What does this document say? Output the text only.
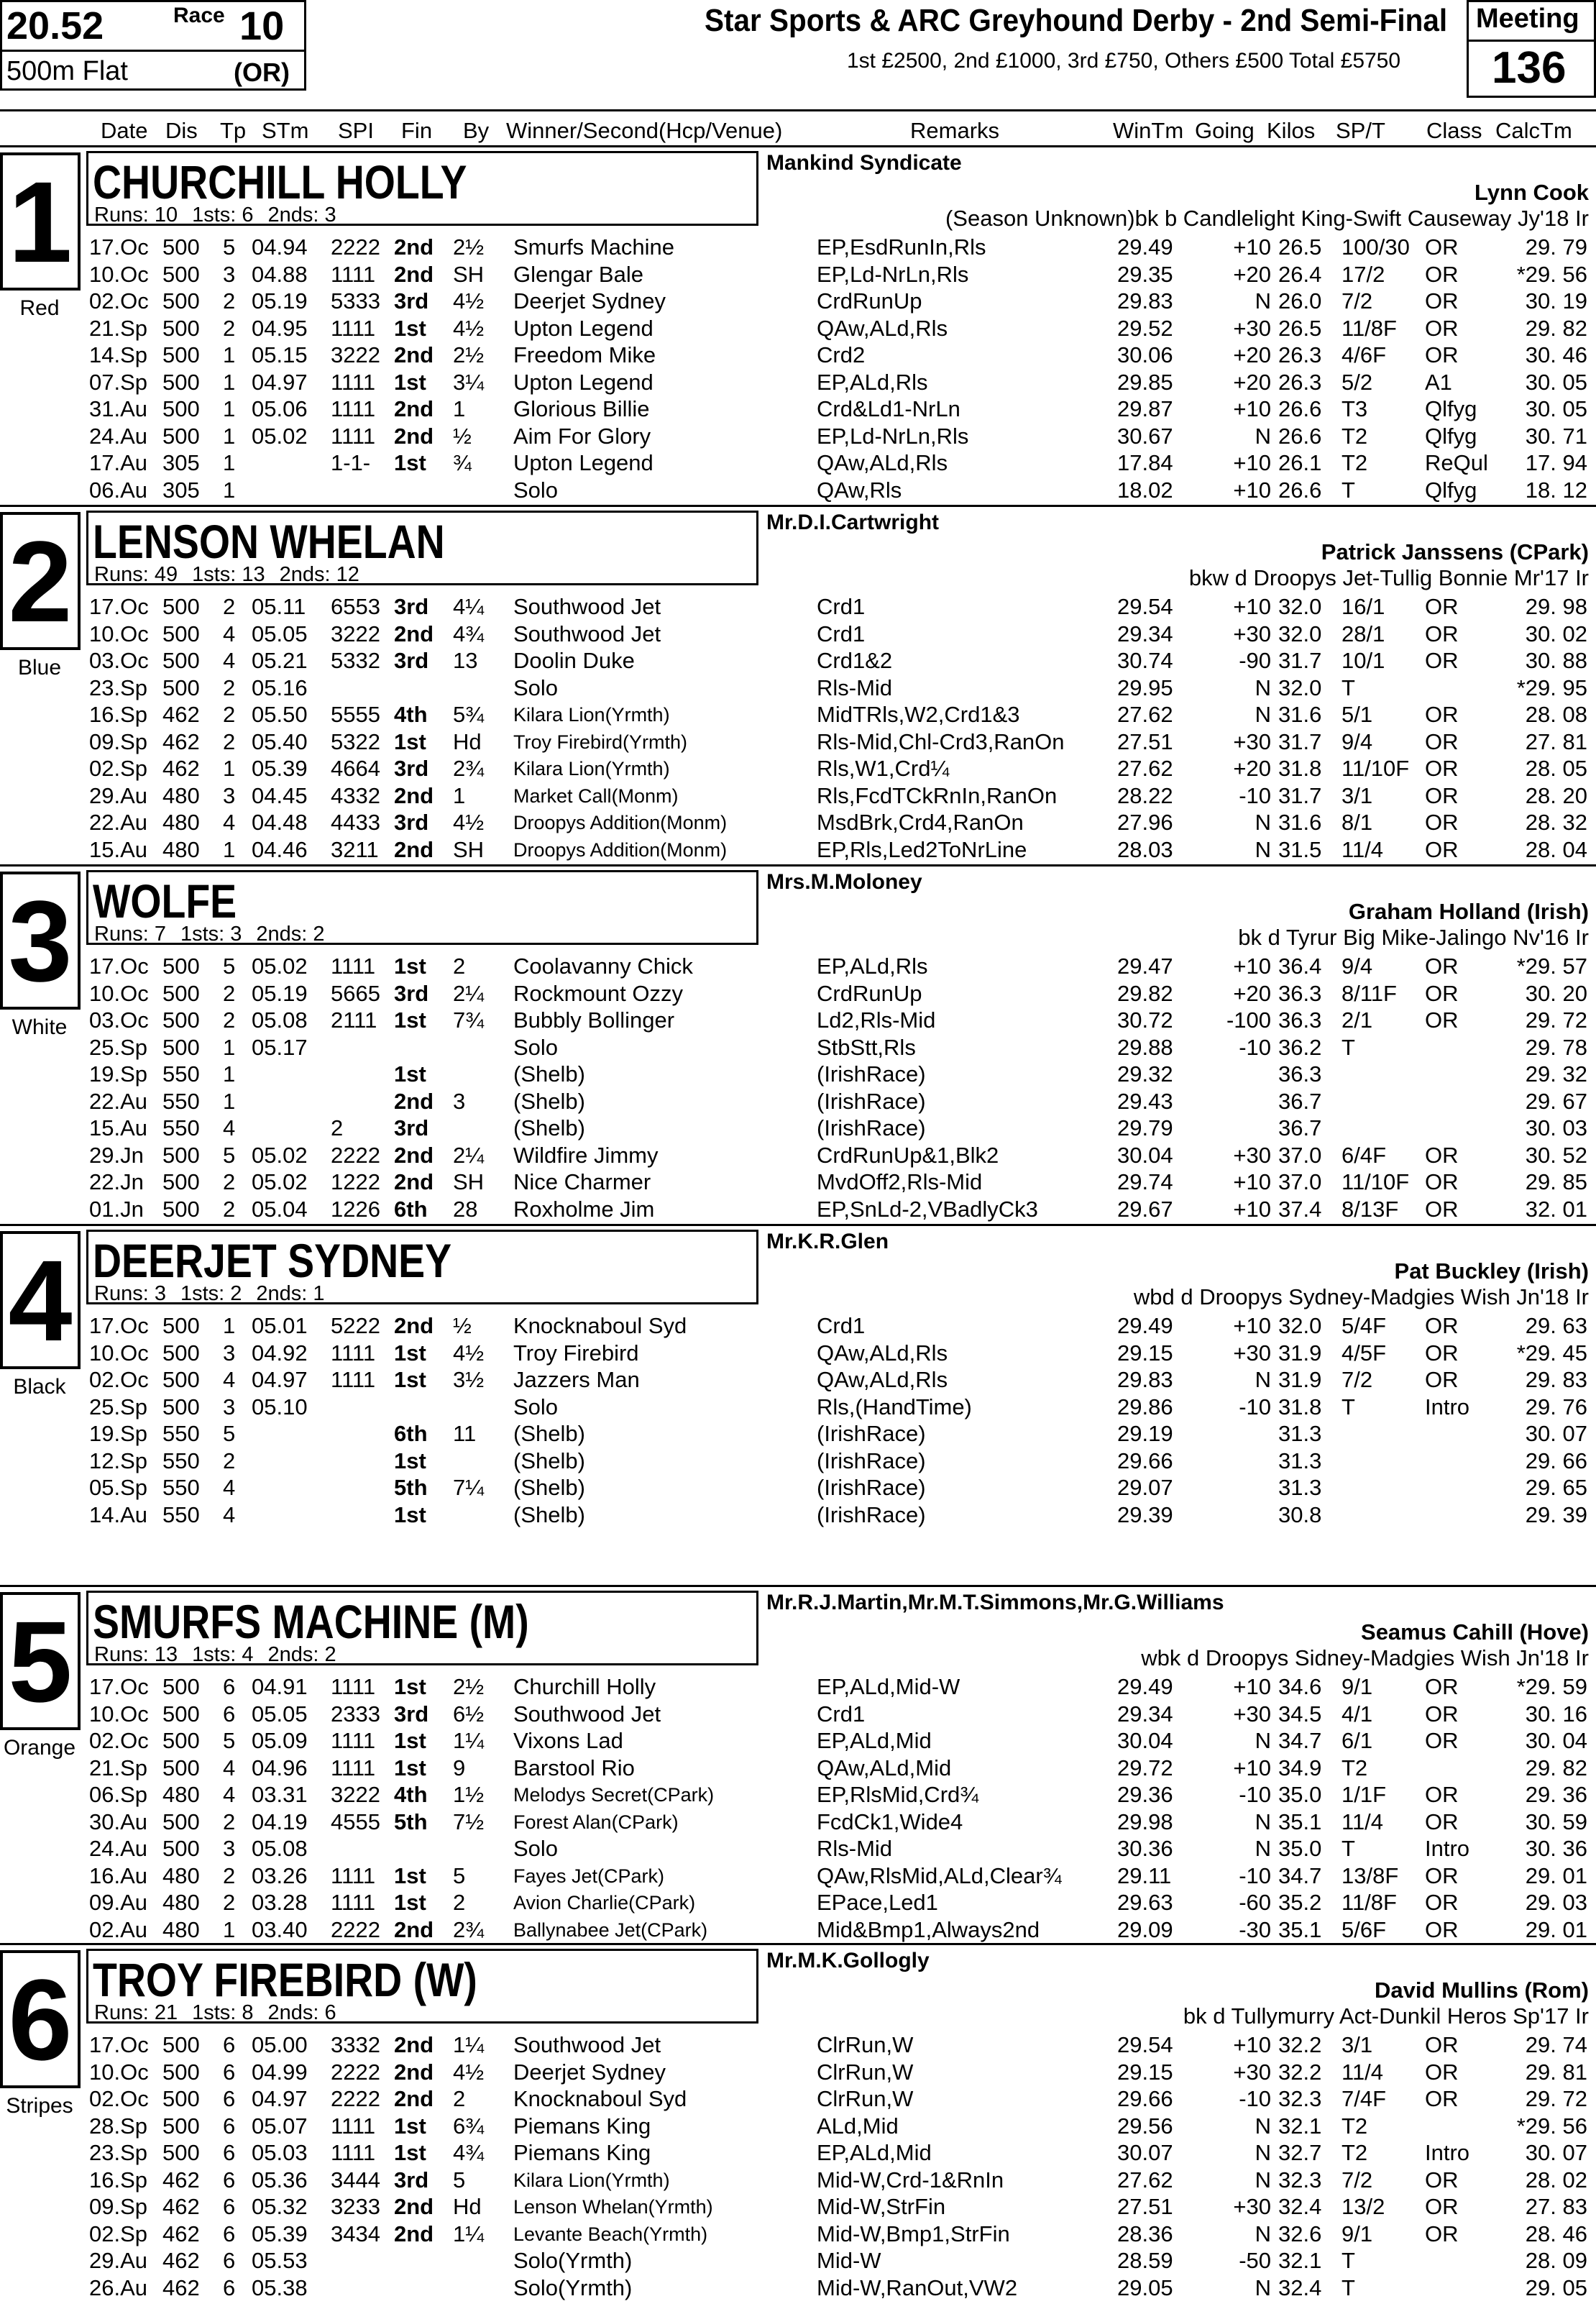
20.52	Race 10
500m Flat	(OR)
Star Sports & ARC Greyhound Derby - 2nd Semi-Final
1st £2500, 2nd £1000, 3rd £750, Others £500 Total £5750
Meeting
136
Date Dis Tp STm SPI Fin By Winner/Second(Hcp/Venue)	Remarks	WinTm Going Kilos SP/T Class CalcTm
1
Red
CHURCHILL HOLLY
Runs: 10 1sts: 6 2nds: 3
Mankind Syndicate
Lynn Cook
(Season Unknown)bk b Candlelight King-Swift Causeway Jy'18 Ir
17.Oc 500 5 04.94 2222 2nd 2½ Smurfs Machine	EP,EsdRunIn,Rls	29.49	+10 26.5 100/30 OR	29. 79
10.Oc 500 3 04.88 1111 2nd SH Glengar Bale	EP,Ld-NrLn,Rls	29.35	+20 26.4 17/2 OR	*29. 56
02.Oc 500 2 05.19 5333 3rd 4½ Deerjet Sydney	CrdRunUp	29.83	N 26.0 7/2 OR	30. 19
21.Sp 500 2 04.95 1111 1st 4½ Upton Legend	QAw,ALd,Rls	29.52	+30 26.5 11/8F OR	29. 82
14.Sp 500 1 05.15 3222 2nd 2½ Freedom Mike	Crd2	30.06	+20 26.3 4/6F OR	30. 46
07.Sp 500 1 04.97 1111 1st 3¼ Upton Legend	EP,ALd,Rls	29.85	+20 26.3 5/2 A1	30. 05
31.Au 500 1 05.06 1111 2nd 1 Glorious Billie	Crd&Ld1-NrLn	29.87	+10 26.6 T3	Qlfyg	30. 05
24.Au 500 1 05.02 1111 2nd ½ Aim For Glory	EP,Ld-NrLn,Rls	30.67	N 26.6 T2	Qlfyg	30. 71
17.Au 305 1	1-1- 1st ¾ Upton Legend	QAw,ALd,Rls	17.84	+10 26.1 T2	ReQul	17. 94
06.Au 305 1	Solo	QAw,Rls	18.02	+10 26.6 T	Qlfyg	18. 12
2
Blue
LENSON WHELAN
Runs: 49 1sts: 13 2nds: 12
Mr.D.I.Cartwright
Patrick Janssens (CPark)
bkw d Droopys Jet-Tullig Bonnie Mr'17 Ir
17.Oc 500 2 05.11 6553 3rd 4¼ Southwood Jet	Crd1	29.54	+10 32.0 16/1 OR	29. 98
10.Oc 500 4 05.05 3222 2nd 4¾ Southwood Jet	Crd1	29.34	+30 32.0 28/1 OR	30. 02
03.Oc 500 4 05.21 5332 3rd 13 Doolin Duke	Crd1&2	30.74	-90 31.7 10/1 OR	30. 88
23.Sp 500 2 05.16	Solo	Rls-Mid	29.95	N 32.0 T	*29. 95
16.Sp 462 2 05.50 5555 4th 5¾ Kilara Lion(Yrmth)	MidTRls,W2,Crd1&3	27.62	N 31.6 5/1 OR	28. 08
09.Sp 462 2 05.40 5322 1st Hd Troy Firebird(Yrmth)	Rls-Mid,Chl-Crd3,RanOn 27.51	+30 31.7 9/4 OR	27. 81
02.Sp 462 1 05.39 4664 3rd 2¾ Kilara Lion(Yrmth)	Rls,W1,Crd¼	27.62	+20 31.8 11/10F OR	28. 05
29.Au 480 3 04.45 4332 2nd 1 Market Call(Monm)	Rls,FcdTCkRnIn,RanOn	28.22	-10 31.7 3/1 OR	28. 20
22.Au 480 4 04.48 4433 3rd 4½ Droopys Addition(Monm)	MsdBrk,Crd4,RanOn	27.96	N 31.6 8/1 OR	28. 32
15.Au 480 1 04.46 3211 2nd SH Droopys Addition(Monm)	EP,Rls,Led2ToNrLine	28.03	N 31.5 11/4 OR	28. 04
3
White
WOLFE
Runs: 7 1sts: 3 2nds: 2
Mrs.M.Moloney
Graham Holland (Irish)
bk d Tyrur Big Mike-Jalingo Nv'16 Ir
17.Oc 500 5 05.02 1111 1st 2 Coolavanny Chick	EP,ALd,Rls	29.47	+10 36.4 9/4 OR	*29. 57
10.Oc 500 2 05.19 5665 3rd 2¼ Rockmount Ozzy	CrdRunUp	29.82	+20 36.3 8/11F OR	30. 20
03.Oc 500 2 05.08 2111 1st 7¾ Bubbly Bollinger	Ld2,Rls-Mid	30.72	-100 36.3 2/1 OR	29. 72
25.Sp 500 1 05.17	Solo	StbStt,Rls	29.88	-10 36.2 T	29. 78
19.Sp 550 1	1st	(Shelb)	(IrishRace)	29.32	36.3	29. 32
22.Au 550 1	2nd 3 (Shelb)	(IrishRace)	29.43	36.7	29. 67
15.Au 550 4	2 3rd	(Shelb)	(IrishRace)	29.79	36.7	30. 03
29.Jn 500 5 05.02 2222 2nd 2¼ Wildfire Jimmy	CrdRunUp&1,Blk2	30.04	+30 37.0 6/4F OR	30. 52
22.Jn 500 2 05.02 1222 2nd SH Nice Charmer	MvdOff2,Rls-Mid	29.74	+10 37.0 11/10F OR	29. 85
01.Jn 500 2 05.04 1226 6th 28 Roxholme Jim	EP,SnLd-2,VBadlyCk3	29.67	+10 37.4 8/13F OR	32. 01
4
Black
DEERJET SYDNEY
Runs: 3 1sts: 2 2nds: 1
Mr.K.R.Glen
Pat Buckley (Irish)
wbd d Droopys Sydney-Madgies Wish Jn'18 Ir
17.Oc 500 1 05.01 5222 2nd ½ Knocknaboul Syd	Crd1	29.49	+10 32.0 5/4F OR	29. 63
10.Oc 500 3 04.92 1111 1st 4½ Troy Firebird	QAw,ALd,Rls	29.15	+30 31.9 4/5F OR	*29. 45
02.Oc 500 4 04.97 1111 1st 3½ Jazzers Man	QAw,ALd,Rls	29.83	N 31.9 7/2 OR	29. 83
25.Sp 500 3 05.10	Solo	Rls,(HandTime)	29.86	-10 31.8 T	Intro	29. 76
19.Sp 550 5	6th 11 (Shelb)	(IrishRace)	29.19	31.3	30. 07
12.Sp 550 2	1st	(Shelb)	(IrishRace)	29.66	31.3	29. 66
05.Sp 550 4	5th 7¼ (Shelb)	(IrishRace)	29.07	31.3	29. 65
14.Au 550 4	1st	(Shelb)	(IrishRace)	29.39	30.8	29. 39
5
Orange
SMURFS MACHINE (M)
Runs: 13 1sts: 4 2nds: 2
Mr.R.J.Martin,Mr.M.T.Simmons,Mr.G.Williams
Seamus Cahill (Hove)
wbk d Droopys Sidney-Madgies Wish Jn'18 Ir
17.Oc 500 6 04.91 1111 1st 2½ Churchill Holly	EP,ALd,Mid-W	29.49	+10 34.6 9/1 OR	*29. 59
10.Oc 500 6 05.05 2333 3rd 6½ Southwood Jet	Crd1	29.34	+30 34.5 4/1 OR	30. 16
02.Oc 500 5 05.09 1111 1st 1¼ Vixons Lad	EP,ALd,Mid	30.04	N 34.7 6/1 OR	30. 04
21.Sp 500 4 04.96 1111 1st 9 Barstool Rio	QAw,ALd,Mid	29.72	+10 34.9 T2	29. 82
06.Sp 480 4 03.31 3222 4th 1½ Melodys Secret(CPark)	EP,RlsMid,Crd¾	29.36	-10 35.0 1/1F OR	29. 36
30.Au 500 2 04.19 4555 5th 7½ Forest Alan(CPark)	FcdCk1,Wide4	29.98	N 35.1 11/4 OR	30. 59
24.Au 500 3 05.08	Solo	Rls-Mid	30.36	N 35.0 T	Intro	30. 36
16.Au 480 2 03.26 1111 1st 5 Fayes Jet(CPark)	QAw,RlsMid,ALd,Clear¾ 29.11	-10 34.7 13/8F OR	29. 01
09.Au 480 2 03.28 1111 1st 2 Avion Charlie(CPark)	EPace,Led1	29.63	-60 35.2 11/8F OR	29. 03
02.Au 480 1 03.40 2222 2nd 2¾ Ballynabee Jet(CPark)	Mid&Bmp1,Always2nd	29.09	-30 35.1 5/6F OR	29. 01
6
Stripes
TROY FIREBIRD (W)
Runs: 21 1sts: 8 2nds: 6
Mr.M.K.Gollogly
David Mullins (Rom)
bk d Tullymurry Act-Dunkil Heros Sp'17 Ir
17.Oc 500 6 05.00 3332 2nd 1¼ Southwood Jet	ClrRun,W	29.54	+10 32.2 3/1 OR	29. 74
10.Oc 500 6 04.99 2222 2nd 4½ Deerjet Sydney	ClrRun,W	29.15	+30 32.2 11/4 OR	29. 81
02.Oc 500 6 04.97 2222 2nd 2 Knocknaboul Syd	ClrRun,W	29.66	-10 32.3 7/4F OR	29. 72
28.Sp 500 6 05.07 1111 1st 6¾ Piemans King	ALd,Mid	29.56	N 32.1 T2	*29. 56
23.Sp 500 6 05.03 1111 1st 4¾ Piemans King	EP,ALd,Mid	30.07	N 32.7 T2	Intro	30. 07
16.Sp 462 6 05.36 3444 3rd 5 Kilara Lion(Yrmth)	Mid-W,Crd-1&RnIn	27.62	N 32.3 7/2 OR	28. 02
09.Sp 462 6 05.32 3233 2nd Hd Lenson Whelan(Yrmth)	Mid-W,StrFin	27.51	+30 32.4 13/2 OR	27. 83
02.Sp 462 6 05.39 3434 2nd 1¼ Levante Beach(Yrmth)	Mid-W,Bmp1,StrFin	28.36	N 32.6 9/1 OR	28. 46
29.Au 462 6 05.53	Solo(Yrmth)	Mid-W	28.59	-50 32.1 T	28. 09
26.Au 462 6 05.38	Solo(Yrmth)	Mid-W,RanOut,VW2	29.05	N 32.4 T	29. 05
